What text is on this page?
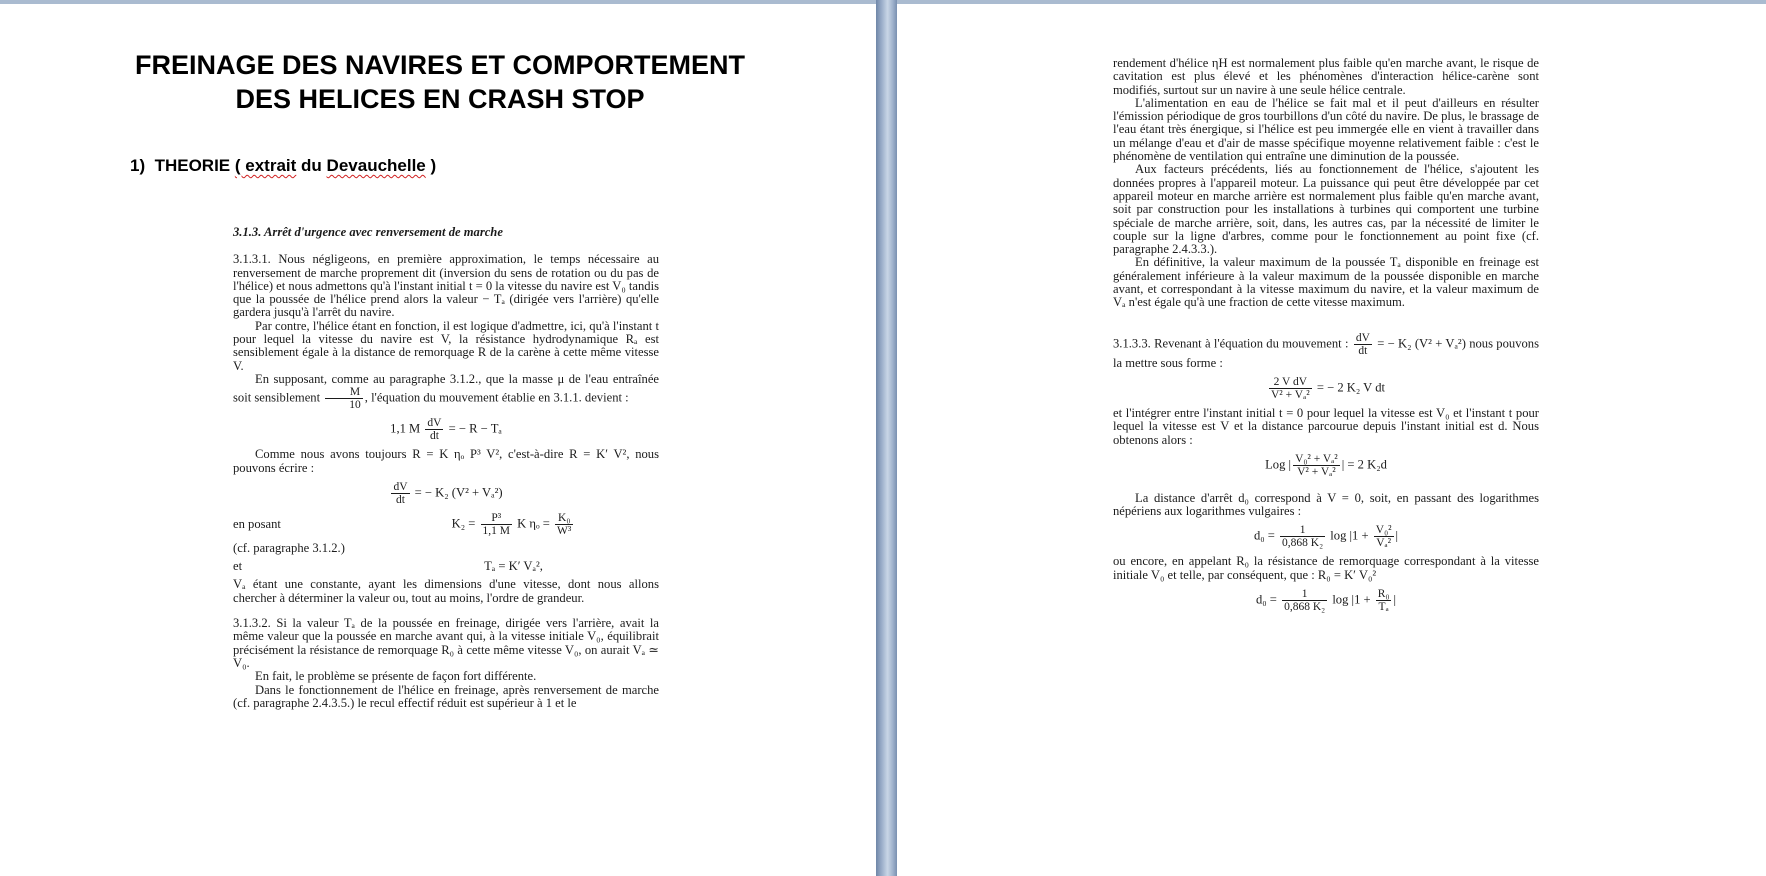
FREINAGE DES NAVIRES ET COMPORTEMENT
DES HELICES EN CRASH STOP
1) THEORIE ( extrait du Devauchelle )

3.1.3. Arrêt d'urgence avec renversement de marche

3.1.3.1. Nous négligeons, en première approximation, le temps nécessaire au renversement de marche proprement dit (inversion du sens de rotation ou du pas de l'hélice) et nous admettons qu'à l'instant initial t = 0 la vitesse du navire est V₀ tandis que la poussée de l'hélice prend alors la valeur − Tₐ (dirigée vers l'arrière) qu'elle gardera jusqu'à l'arrêt du navire.

Par contre, l'hélice étant en fonction, il est logique d'admettre, ici, qu'à l'instant t pour lequel la vitesse du navire est V, la résistance hydrodynamique Rₐ est sensiblement égale à la distance de remorquage R de la carène à cette même vitesse V.

En supposant, comme au paragraphe 3.1.2., que la masse μ de l'eau entraînée soit sensiblement $\frac{M}{10}$ , l'équation du mouvement établie en 3.1.1. devient :

1,1 M $\frac{dV}{dt}$ = − R − Tₐ

Comme nous avons toujours R = K ηₒ P³ V², c'est-à-dire R = K′ V², nous pouvons écrire :

$\frac{dV}{dt}$ = − K₂ (V² + Vₐ²)

en posant	$K_2 = \frac{\text{P³}}{1,1 M}$ K $\eta_o = \frac{\text{K₀}}{\text{W³}}$

(cf. paragraphe 3.1.2.)

et	Tₐ = K′ Vₐ²,

Vₐ étant une constante, ayant les dimensions d'une vitesse, dont nous allons chercher à déterminer la valeur ou, tout au moins, l'ordre de grandeur.

3.1.3.2. Si la valeur Tₐ de la poussée en freinage, dirigée vers l'arrière, avait la même valeur que la poussée en marche avant qui, à la vitesse initiale V₀, équilibrait précisément la résistance de remorquage R₀ à cette même vitesse V₀, on aurait Vₐ ≃ V₀.

En fait, le problème se présente de façon fort différente.

Dans le fonctionnement de l'hélice en freinage, après renversement de marche (cf. paragraphe 2.4.3.5.) le recul effectif réduit est supérieur à 1 et le

rendement d'hélice ηH est normalement plus faible qu'en marche avant, le risque de cavitation est plus élevé et les phénomènes d'interaction hélice-carène sont modifiés, surtout sur un navire à une seule hélice centrale.

L'alimentation en eau de l'hélice se fait mal et il peut d'ailleurs en résulter l'émission périodique de gros tourbillons d'un côté du navire. De plus, le brassage de l'eau étant très énergique, si l'hélice est peu immergée elle en vient à travailler dans un mélange d'eau et d'air de masse spécifique moyenne relativement faible : c'est le phénomène de ventilation qui entraîne une diminution de la poussée.

Aux facteurs précédents, liés au fonctionnement de l'hélice, s'ajoutent les données propres à l'appareil moteur. La puissance qui peut être développée par cet appareil moteur en marche arrière est normalement plus faible qu'en marche avant, soit par construction pour les installations à turbines qui comportent une turbine spéciale de marche arrière, soit, dans, les autres cas, par la nécessité de limiter le couple sur la ligne d'arbres, comme pour le fonctionnement au point fixe (cf. paragraphe 2.4.3.3.).

En définitive, la valeur maximum de la poussée Tₐ disponible en freinage est généralement inférieure à la valeur maximum de la poussée disponible en marche avant, et correspondant à la vitesse maximum du navire, et la valeur maximum de Vₐ n'est égale qu'à une fraction de cette vitesse maximum.

3.1.3.3. Revenant à l'équation du mouvement : $\frac{dV}{dt}$ = − K₂ (V² + Vₐ²) nous pouvons la mettre sous forme :

$\frac{\text{2 V dV}}{\text{V² + Vₐ²}}$ = − 2 K₂ V dt

et l'intégrer entre l'instant initial t = 0 pour lequel la vitesse est V₀ et l'instant t pour lequel la vitesse est V et la distance parcourue depuis l'instant initial est d. Nous obtenons alors :

Log | $\frac{\text{V₀² + Vₐ²}}{\text{V² + Vₐ²}}$ | = 2 K₂d

La distance d'arrêt d₀ correspond à V = 0, soit, en passant des logarithmes népériens aux logarithmes vulgaires :

$d_0 = \frac{1}{\text{0,868 K₂}}$ $\log |1 + \frac{\text{V₀²}}{\text{Vₐ²}}$ |

ou encore, en appelant R₀ la résistance de remorquage correspondant à la vitesse initiale V₀ et telle, par conséquent, que : R₀ = K′ V₀²

$d_0 = \frac{1}{\text{0,868 K₂}}$ $\log |1 + \frac{\text{R₀}}{\text{Tₐ}}$ |
